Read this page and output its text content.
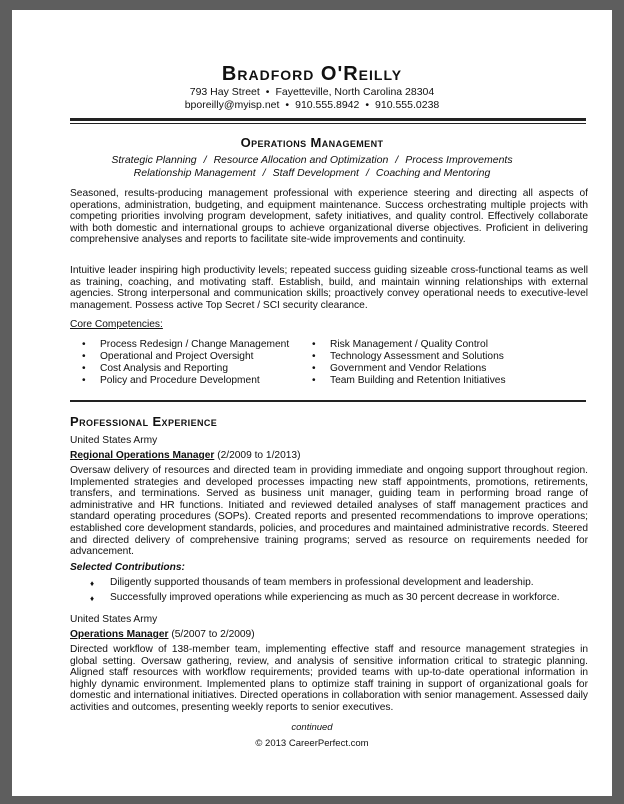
Bradford O'Reilly
793 Hay Street • Fayetteville, North Carolina 28304
bporeilly@myisp.net • 910.555.8942 • 910.555.0238
Operations Management
Strategic Planning / Resource Allocation and Optimization / Process Improvements
Relationship Management / Staff Development / Coaching and Mentoring
Seasoned, results-producing management professional with experience steering and directing all aspects of operations, administration, budgeting, and equipment maintenance. Success orchestrating multiple projects with competing priorities involving program development, safety initiatives, and quality control. Effectively collaborate with both domestic and international groups to achieve organizational diverse objectives. Proficient in delivering comprehensive analyses and reports to facilitate site-wide improvements and continuity.
Intuitive leader inspiring high productivity levels; repeated success guiding sizeable cross-functional teams as well as training, coaching, and motivating staff. Establish, build, and maintain winning relationships with external agencies. Strong interpersonal and communication skills; proactively convey operational needs to executive-level management. Possess active Top Secret / SCI security clearance.
Core Competencies:
• Process Redesign / Change Management
• Operational and Project Oversight
• Cost Analysis and Reporting
• Policy and Procedure Development
• Risk Management / Quality Control
• Technology Assessment and Solutions
• Government and Vendor Relations
• Team Building and Retention Initiatives
Professional Experience
United States Army
Regional Operations Manager (2/2009 to 1/2013)
Oversaw delivery of resources and directed team in providing immediate and ongoing support throughout region. Implemented strategies and developed processes impacting new staff appointments, promotions, retirements, transfers, and terminations. Served as business unit manager, guiding team in performing broad range of administrative and HR functions. Initiated and reviewed detailed analyses of staff management practices and standard operating procedures (SOPs). Created reports and presented recommendations to improve operations; established core development standards, policies, and procedures and maintained administrative records. Steered and directed delivery of comprehensive training programs; served as resource on requirements needed for advancement.
Selected Contributions:
♦ Diligently supported thousands of team members in professional development and leadership.
♦ Successfully improved operations while experiencing as much as 30 percent decrease in workforce.
United States Army
Operations Manager (5/2007 to 2/2009)
Directed workflow of 138-member team, implementing effective staff and resource management strategies in global setting. Oversaw gathering, review, and analysis of sensitive information critical to strategic planning. Aligned staff resources with workflow requirements; provided teams with up-to-date operational information in highly dynamic environment. Implemented plans to optimize staff training in support of organizational goals for domestic and international initiatives. Directed operations in collaboration with senior management. Assessed daily activities and outcomes, presenting weekly reports to senior executives.
continued
© 2013 CareerPerfect.com
